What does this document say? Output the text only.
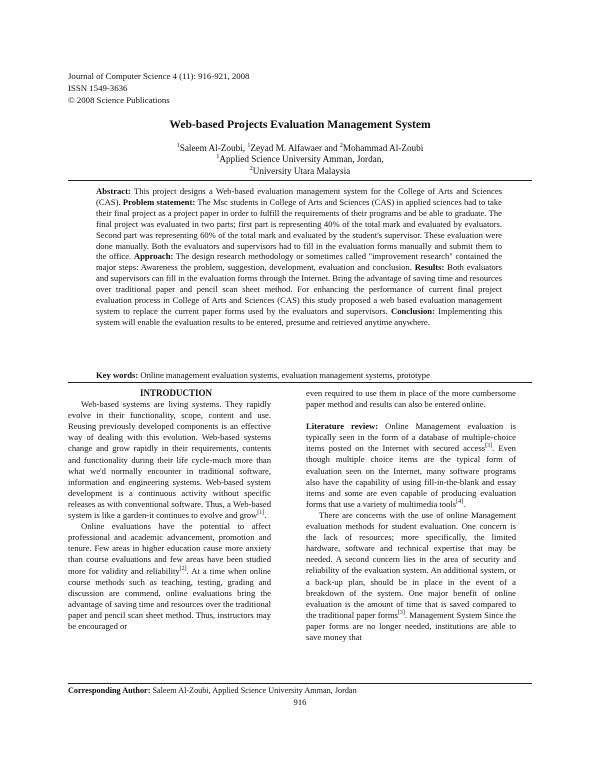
Journal of Computer Science 4 (11): 916-921, 2008
ISSN 1549-3636
© 2008 Science Publications
Web-based Projects Evaluation Management System
$^1$Saleem Al-Zoubi, $^1$Zeyad M. Alfawaer and $^2$Mohammad Al-Zoubi
$^1$Applied Science University Amman, Jordan,
$^2$University Utara Malaysia
Abstract: This project designs a Web-based evaluation management system for the College of Arts and Sciences (CAS). Problem statement: The Msc students in College of Arts and Sciences (CAS) in applied sciences had to take their final project as a project paper in order to fulfill the requirements of their programs and be able to graduate. The final project was evaluated in two parts; first part is representing 40% of the total mark and evaluated by evaluators. Second part was representing 60% of the total mark and evaluated by the student's supervisor. These evaluation were done manually. Both the evaluators and supervisors had to fill in the evaluation forms manually and submit them to the office. Approach: The design research methodology or sometimes called "improvement research" contained the major steps: Awareness the problem, suggestion, development, evaluation and conclusion. Results: Both evaluators and supervisors can fill in the evaluation forms through the Internet. Bring the advantage of saving time and resources over traditional paper and pencil scan sheet method. For enhancing the performance of current final project evaluation process in College of Arts and Sciences (CAS) this study proposed a web based evaluation management system to replace the current paper forms used by the evaluators and supervisors. Conclusion: Implementing this system will enable the evaluation results to be entered, presume and retrieved anytime anywhere.
Key words: Online management evaluation systems, evaluation management systems, prototype

INTRODUCTION

Web-based systems are living systems. They rapidly evolve in their functionality, scope, content and use. Reusing previously developed components is an effective way of dealing with this evolution. Web-based systems change and grow rapidly in their requirements, contents and functionality during their life cycle-much more than what we'd normally encounter in traditional software, information and engineering systems. Web-based system development is a continuous activity without specific releases as with conventional software. Thus, a Web-based system is like a garden-it continues to evolve and grow[1].

Online evaluations have the potential to affect professional and academic advancement, promotion and tenure. Few areas in higher education cause more anxiety than course evaluations and few areas have been studied more for validity and reliability[2]. At a time when online course methods such as teaching, testing, grading and discussion are commend, online evaluations bring the advantage of saving time and resources over the traditional paper and pencil scan sheet method. Thus, instructors may be encouraged or

even required to use them in place of the more cumbersome paper method and results can also be entered online.

Literature review: Online Management evaluation is typically seen in the form of a database of multiple-choice items posted on the Internet with secured access[3]. Even though multiple choice items are the typical form of evaluation seen on the Internet, many software programs also have the capability of using fill-in-the-blank and essay items and some are even capable of producing evaluation forms that use a variety of multimedia tools[4].

There are concerns with the use of online Management evaluation methods for student evaluation. One concern is the lack of resources; more specifically, the limited hardware, software and technical expertise that may be needed. A second concern lies in the area of security and reliability of the evaluation system. An additional system, or a back-up plan, should be in place in the event of a breakdown of the system. One major benefit of online evaluation is the amount of time that is saved compared to the traditional paper forms[3]. Management System Since the paper forms are no longer needed, institutions are able to save money that

Corresponding Author: Saleem Al-Zoubi, Applied Science University Amman, Jordan
916
